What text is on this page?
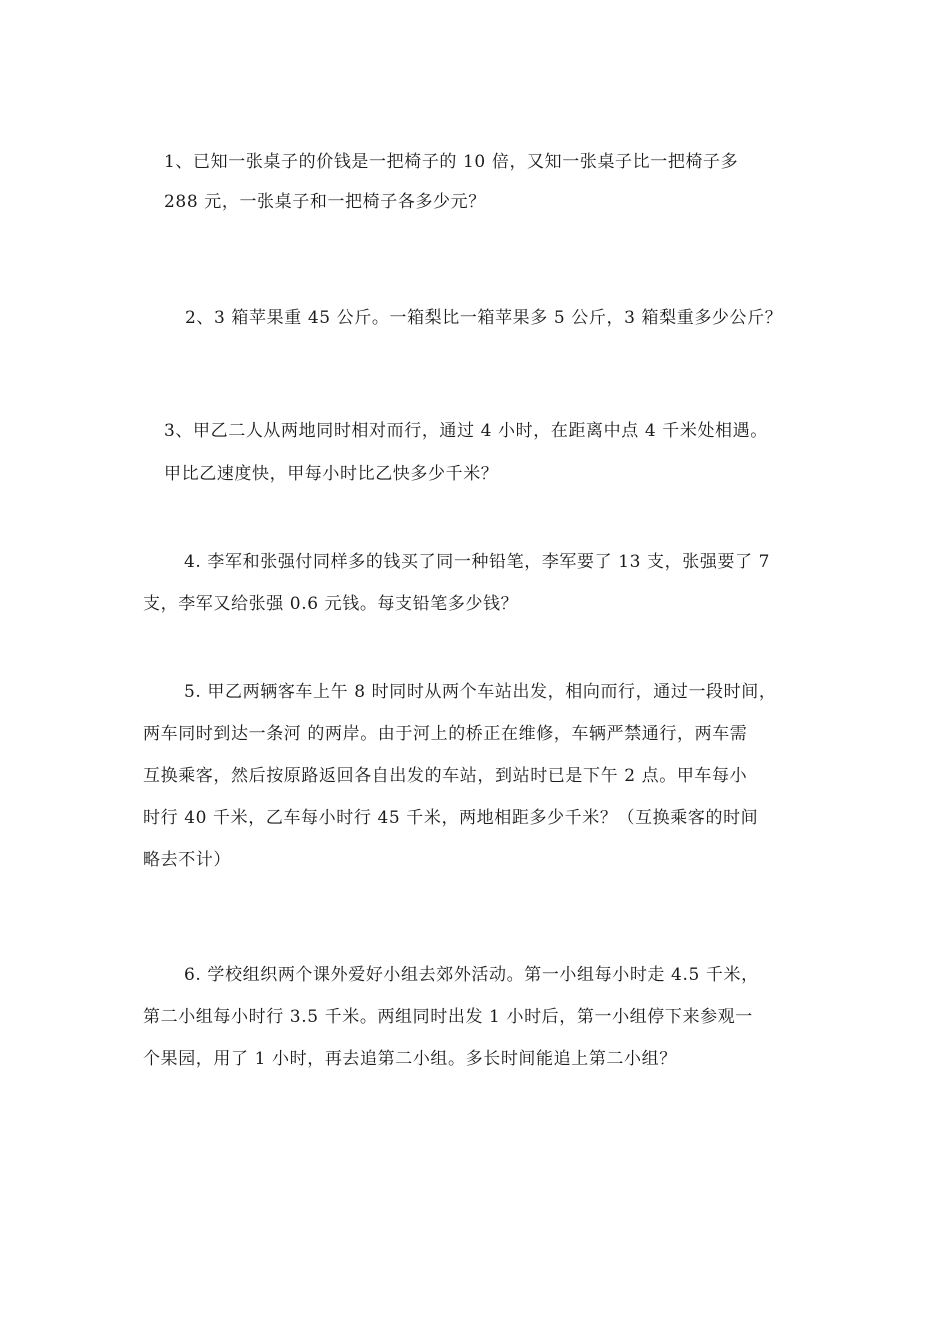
1、已知一张桌子的价钱是一把椅子的 10 倍，又知一张桌子比一把椅子多
288 元，一张桌子和一把椅子各多少元？
2、3 箱苹果重 45 公斤。一箱梨比一箱苹果多 5 公斤，3 箱梨重多少公斤？
3、甲乙二人从两地同时相对而行，通过 4 小时，在距离中点 4 千米处相遇。
甲比乙速度快，甲每小时比乙快多少千米？
4. 李军和张强付同样多的钱买了同一种铅笔，李军要了 13 支，张强要了 7
支，李军又给张强 0.6 元钱。每支铅笔多少钱？
5. 甲乙两辆客车上午 8 时同时从两个车站出发，相向而行，通过一段时间，
两车同时到达一条河 的两岸。由于河上的桥正在维修，车辆严禁通行，两车需
互换乘客，然后按原路返回各自出发的车站，到站时已是下午 2 点。甲车每小
时行 40 千米，乙车每小时行 45 千米，两地相距多少千米？（互换乘客的时间
略去不计）
6. 学校组织两个课外爱好小组去郊外活动。第一小组每小时走 4.5 千米，
第二小组每小时行 3.5 千米。两组同时出发 1 小时后，第一小组停下来参观一
个果园，用了 1 小时，再去追第二小组。多长时间能追上第二小组？
